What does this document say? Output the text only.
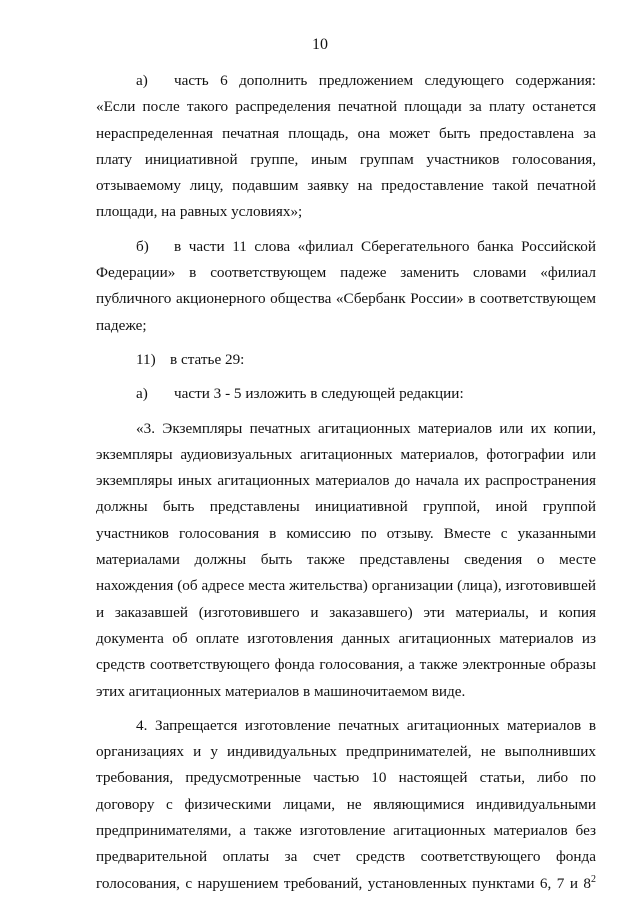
10

а) часть 6 дополнить предложением следующего содержания: «Если после такого распределения печатной площади за плату останется нераспределенная печатная площадь, она может быть предоставлена за плату инициативной группе, иным группам участников голосования, отзываемому лицу, подавшим заявку на предоставление такой печатной площади, на равных условиях»;

б) в части 11 слова «филиал Сберегательного банка Российской Федерации» в соответствующем падеже заменить словами «филиал публичного акционерного общества «Сбербанк России» в соответствующем падеже;

11) в статье 29:

а) части 3 - 5 изложить в следующей редакции:

«3. Экземпляры печатных агитационных материалов или их копии, экземпляры аудиовизуальных агитационных материалов, фотографии или экземпляры иных агитационных материалов до начала их распространения должны быть представлены инициативной группой, иной группой участников голосования в комиссию по отзыву. Вместе с указанными материалами должны быть также представлены сведения о месте нахождения (об адресе места жительства) организации (лица), изготовившей и заказавшей (изготовившего и заказавшего) эти материалы, и копия документа об оплате изготовления данных агитационных материалов из средств соответствующего фонда голосования, а также электронные образы этих агитационных материалов в машиночитаемом виде.

4. Запрещается изготовление печатных агитационных материалов в организациях и у индивидуальных предпринимателей, не выполнивших требования, предусмотренные частью 10 настоящей статьи, либо по договору с физическими лицами, не являющимися индивидуальными предпринимателями, а также изготовление агитационных материалов без предварительной оплаты за счет средств соответствующего фонда голосования, с нарушением требований, установленных пунктами 6, 7 и $8^2$
